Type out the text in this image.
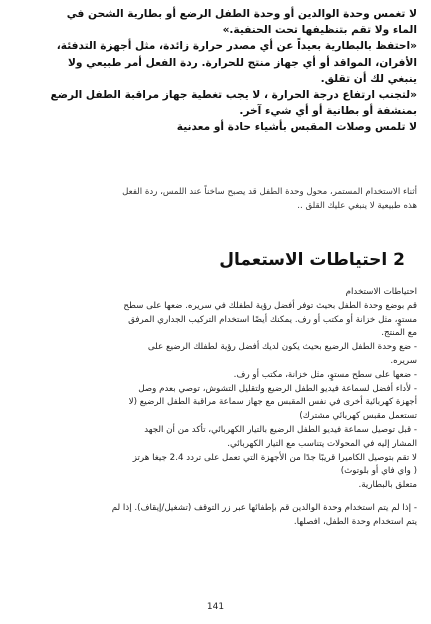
لا تغمس وحدة الوالدين أو وحدة الطفل الرضع أو بطارية الشحن في

الماء ولا تقم بتنظيفها تحت الحنفية.»

«احتفظ بالبطارية بعيداً عن أي مصدر حرارة زائدة، مثل أجهزة التدفئة،

الأفران، المواقد أو أي جهاز منتج للحرارة. ردة الفعل أمر طبيعي ولا

ينبغي لك أن تقلق.

«لتجنب ارتفاع درجة الحرارة ، لا يجب تغطية جهاز مراقبة الطفل الرضع

بمنشفة أو بطانية أو أي شيء آخر.

لا تلمس وصلات المقبس بأشياء حادة أو معدنية

أثناء الاستخدام المستمر، محول وحدة الطفل قد يصبح ساخناً عند اللمس، ردة الفعل

هذه طبيعية لا ينبغي عليك القلق ..

2 احتياطات الاستعمال

احتياطات الاستخدام

قم بوضع وحدة الطفل بحيث توفر أفضل رؤية لطفلك في سريره. ضعها على سطح

مستوٍ، مثل خزانة أو مكتب أو رف. يمكنك أيضًا استخدام التركيب الجداري المرفق

مع المنتج.

- ضع وحدة الطفل الرضيع بحيث يكون لديك أفضل رؤية لطفلك الرضيع على

سريره.

- ضعها على سطح مستوٍ، مثل خزانة، مكتب أو رف.

- لأداء أفضل لسماعة فيديو الطفل الرضيع ولتقليل التشوش، توصي بعدم وصل

أجهزة كهربائية أخرى في نفس المقبس مع جهاز سماعة مراقبة الطفل الرضيع (لا

تستعمل مقبس كهربائي مشترك)

- قبل توصيل سماعة فيديو الطفل الرضيع بالتيار الكهربائي، تأكد من أن الجهد

المشار إليه في المحولات يتناسب مع التيار الكهربائي.

لا تقم بتوصيل الكاميرا قريبًا جدًا من الأجهزة التي تعمل على تردد 2.4 جيغا هرتز

( واي فاي أو بلوتوث)

متعلق بالبطارية.

- إذا لم يتم استخدام وحدة الوالدين قم بإطفائها عبر زر التوقف (تشغيل/إيقاف). إذا لم

يتم استخدام وحدة الطفل، افصلها.

141
